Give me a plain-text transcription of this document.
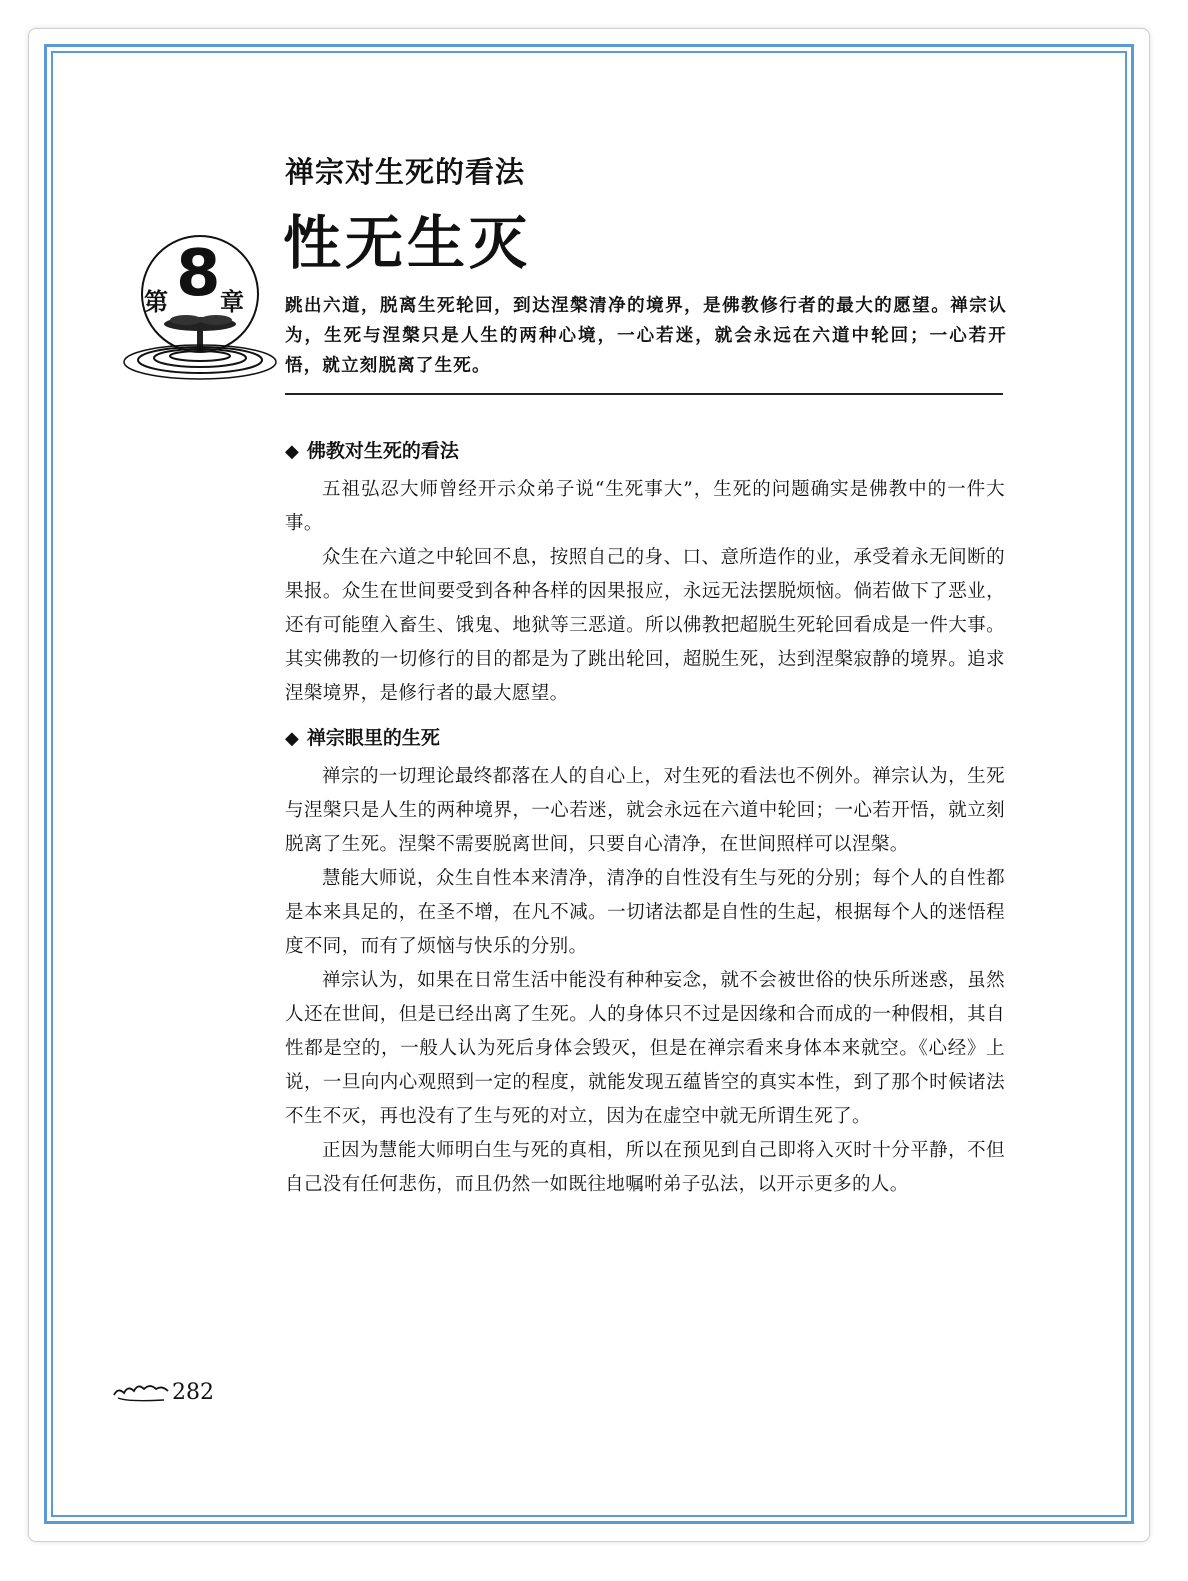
禅宗对生死的看法
性无生灭
第 8 章 跳出六道，脱离生死轮回，到达涅槃清净的境界，是佛教修行者的最大的愿望。禅宗认为，生死与涅槃只是人生的两种心境，一心若迷，就会永远在六道中轮回；一心若开悟，就立刻脱离了生死。

◆ 佛教对生死的看法

五祖弘忍大师曾经开示众弟子说“生死事大”，生死的问题确实是佛教中的一件大事。

众生在六道之中轮回不息，按照自己的身、口、意所造作的业，承受着永无间断的果报。众生在世间要受到各种各样的因果报应，永远无法摆脱烦恼。倘若做下了恶业，还有可能堕入畜生、饿鬼、地狱等三恶道。所以佛教把超脱生死轮回看成是一件大事。其实佛教的一切修行的目的都是为了跳出轮回，超脱生死，达到涅槃寂静的境界。追求涅槃境界，是修行者的最大愿望。

◆ 禅宗眼里的生死

禅宗的一切理论最终都落在人的自心上，对生死的看法也不例外。禅宗认为，生死与涅槃只是人生的两种境界，一心若迷，就会永远在六道中轮回；一心若开悟，就立刻脱离了生死。涅槃不需要脱离世间，只要自心清净，在世间照样可以涅槃。

慧能大师说，众生自性本来清净，清净的自性没有生与死的分别；每个人的自性都是本来具足的，在圣不增，在凡不减。一切诸法都是自性的生起，根据每个人的迷悟程度不同，而有了烦恼与快乐的分别。

禅宗认为，如果在日常生活中能没有种种妄念，就不会被世俗的快乐所迷惑，虽然人还在世间，但是已经出离了生死。人的身体只不过是因缘和合而成的一种假相，其自性都是空的，一般人认为死后身体会毁灭，但是在禅宗看来身体本来就空。《心经》上说，一旦向内心观照到一定的程度，就能发现五蕴皆空的真实本性，到了那个时候诸法不生不灭，再也没有了生与死的对立，因为在虚空中就无所谓生死了。

正因为慧能大师明白生与死的真相，所以在预见到自己即将入灭时十分平静，不但自己没有任何悲伤，而且仍然一如既往地嘱咐弟子弘法，以开示更多的人。

282
